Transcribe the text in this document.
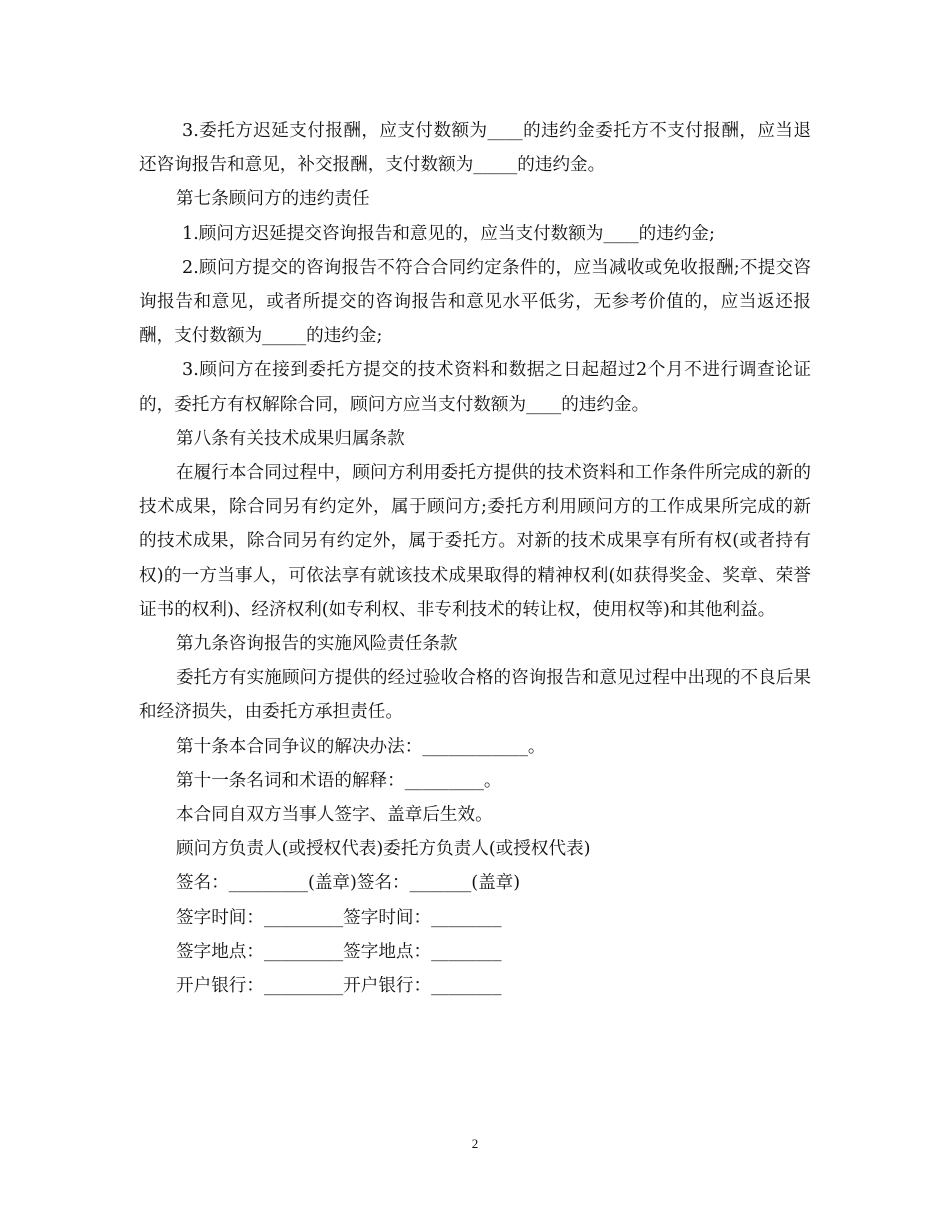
3.委托方迟延支付报酬，应支付数额为____的违约金委托方不支付报酬，应当退还咨询报告和意见，补交报酬，支付数额为_____的违约金。

第七条顾问方的违约责任

1.顾问方迟延提交咨询报告和意见的，应当支付数额为____的违约金;

2.顾问方提交的咨询报告不符合合同约定条件的，应当减收或免收报酬;不提交咨询报告和意见，或者所提交的咨询报告和意见水平低劣，无参考价值的，应当返还报酬，支付数额为_____的违约金;

3.顾问方在接到委托方提交的技术资料和数据之日起超过2个月不进行调查论证的，委托方有权解除合同，顾问方应当支付数额为____的违约金。

第八条有关技术成果归属条款

在履行本合同过程中，顾问方利用委托方提供的技术资料和工作条件所完成的新的技术成果，除合同另有约定外，属于顾问方;委托方利用顾问方的工作成果所完成的新的技术成果，除合同另有约定外，属于委托方。对新的技术成果享有所有权(或者持有权)的一方当事人，可依法享有就该技术成果取得的精神权利(如获得奖金、奖章、荣誉证书的权利)、经济权利(如专利权、非专利技术的转让权，使用权等)和其他利益。

第九条咨询报告的实施风险责任条款

委托方有实施顾问方提供的经过验收合格的咨询报告和意见过程中出现的不良后果和经济损失，由委托方承担责任。

第十条本合同争议的解决办法：____________。

第十一条名词和术语的解释：_________。

本合同自双方当事人签字、盖章后生效。

顾问方负责人(或授权代表)委托方负责人(或授权代表)

签名：_________(盖章)签名：_______(盖章)

签字时间：_________签字时间：________

签字地点：_________签字地点：________

开户银行：_________开户银行：________

2
